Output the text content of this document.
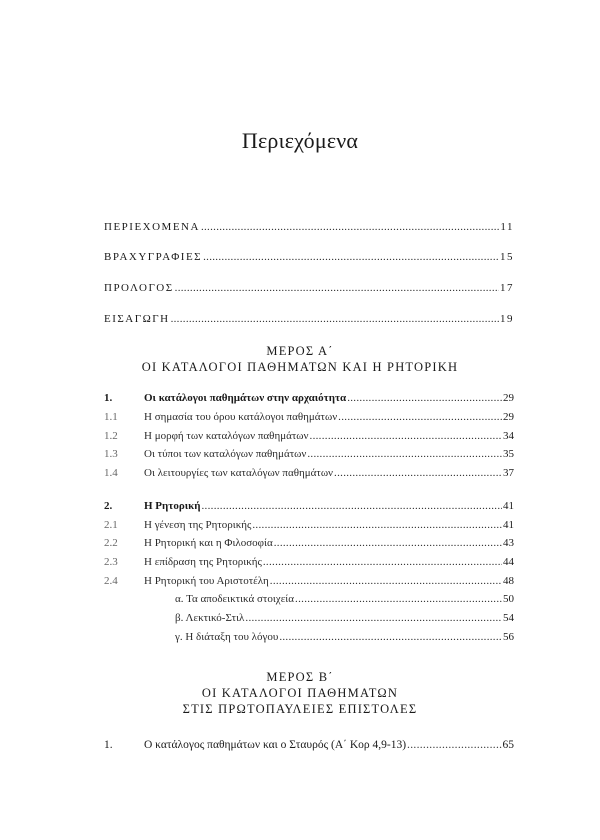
Περιεχόμενα
ΠΕΡΙΕΧΟΜΕΝΑ .....	11
ΒΡΑΧΥΓΡΑΦΙΕΣ .....	15
ΠΡΟΛΟΓΟΣ .....	17
ΕΙΣΑΓΩΓΗ .....	19
ΜΕΡΟΣ Α΄
ΟΙ ΚΑΤΑΛΟΓΟΙ ΠΑΘΗΜΑΤΩΝ ΚΑΙ Η ΡΗΤΟΡΙΚΗ
1.	Οι κατάλογοι παθημάτων στην αρχαιότητα .....	29
1.1	Η σημασία του όρου κατάλογοι παθημάτων .....	29
1.2	Η μορφή των καταλόγων παθημάτων .....	34
1.3	Οι τύποι των καταλόγων παθημάτων .....	35
1.4	Οι λειτουργίες των καταλόγων παθημάτων .....	37
2.	Η Ρητορική .....	41
2.1	Η γένεση της Ρητορικής .....	41
2.2	Η Ρητορική και η Φιλοσοφία .....	43
2.3	Η επίδραση της Ρητορικής .....	44
2.4	Η Ρητορική του Αριστοτέλη .....	48
α. Τα αποδεικτικά στοιχεία .....	50
β. Λεκτικό-Στιλ .....	54
γ. Η διάταξη του λόγου .....	56
ΜΕΡΟΣ Β΄
ΟΙ ΚΑΤΑΛΟΓΟΙ ΠΑΘΗΜΑΤΩΝ
ΣΤΙΣ ΠΡΩΤΟΠΑΥΛΕΙΕΣ ΕΠΙΣΤΟΛΕΣ
1.	Ο κατάλογος παθημάτων και ο Σταυρός (Α΄ Κορ 4,9-13) .....	65
